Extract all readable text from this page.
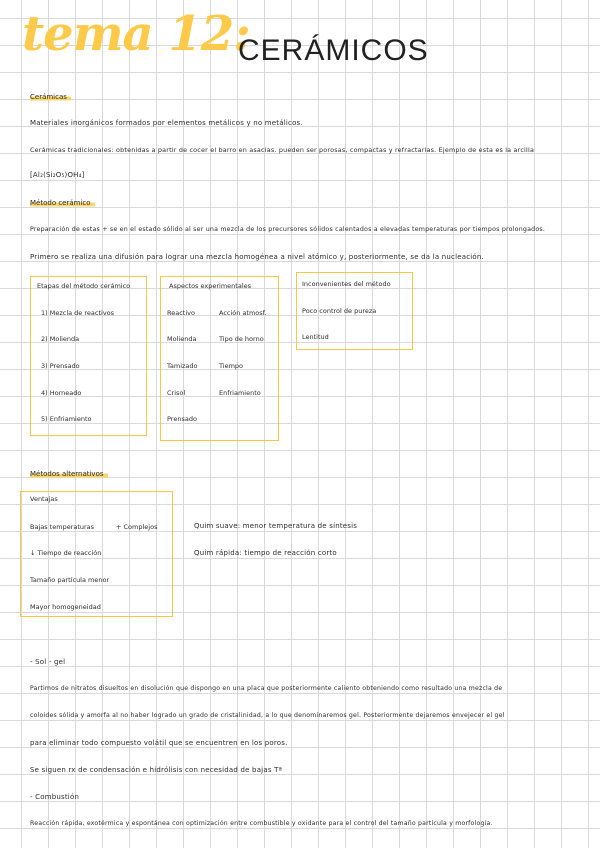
tema 12:
CERÁMICOS
Cerámicas
Materiales inorgánicos formados por elementos metálicos y no metálicos.
Cerámicas tradicionales: obtenidas a partir de cocer el barro en asacias. pueden ser porosas, compactas y refractarias. Ejemplo de esta es la arcilla
[Al₂(Si₂O₅)OH₄]
Método cerámico
Preparación de estas + se en el estado sólido al ser una mezcla de los precursores sólidos calentados a elevadas temperaturas por tiempos prolongados.
Primero se realiza una difusión para lograr una mezcla homogénea a nivel atómico y, posteriormente, se da la nucleación.
Etapas del método cerámico
1) Mezcla de reactivos
2) Molienda
3) Prensado
4) Horneado
5) Enfriamiento
Aspectos experimentales
Reactivo
Molienda
Tamizado
Crisol
Prensado
Acción atmosf.
Tipo de horno
Tiempo
Enfriamiento
Inconvenientes del método
Poco control de pureza
Lentitud
Métodos alternativos
Ventajas
Bajas temperaturas	+ Complejos
↓ Tiempo de reacción
Tamaño partícula menor
Mayor homogeneidad
Quim suave: menor temperatura de síntesis
Quim rápida: tiempo de reacción corto
- Sol - gel
Partimos de nitratos disueltos en disolución que dispongo en una placa que posteriormente caliento obteniendo como resultado una mezcla de
coloides sólida y amorfa al no haber logrado un grado de cristalinidad, a lo que denominaremos gel. Posteriormente dejaremos envejecer el gel
para eliminar todo compuesto volátil que se encuentren en los poros.
Se siguen rx de condensación e hidrólisis con necesidad de bajas Tª
- Combustión
Reacción rápida, exotérmica y espontánea con optimización entre combustible y oxidante para el control del tamaño partícula y morfología.
